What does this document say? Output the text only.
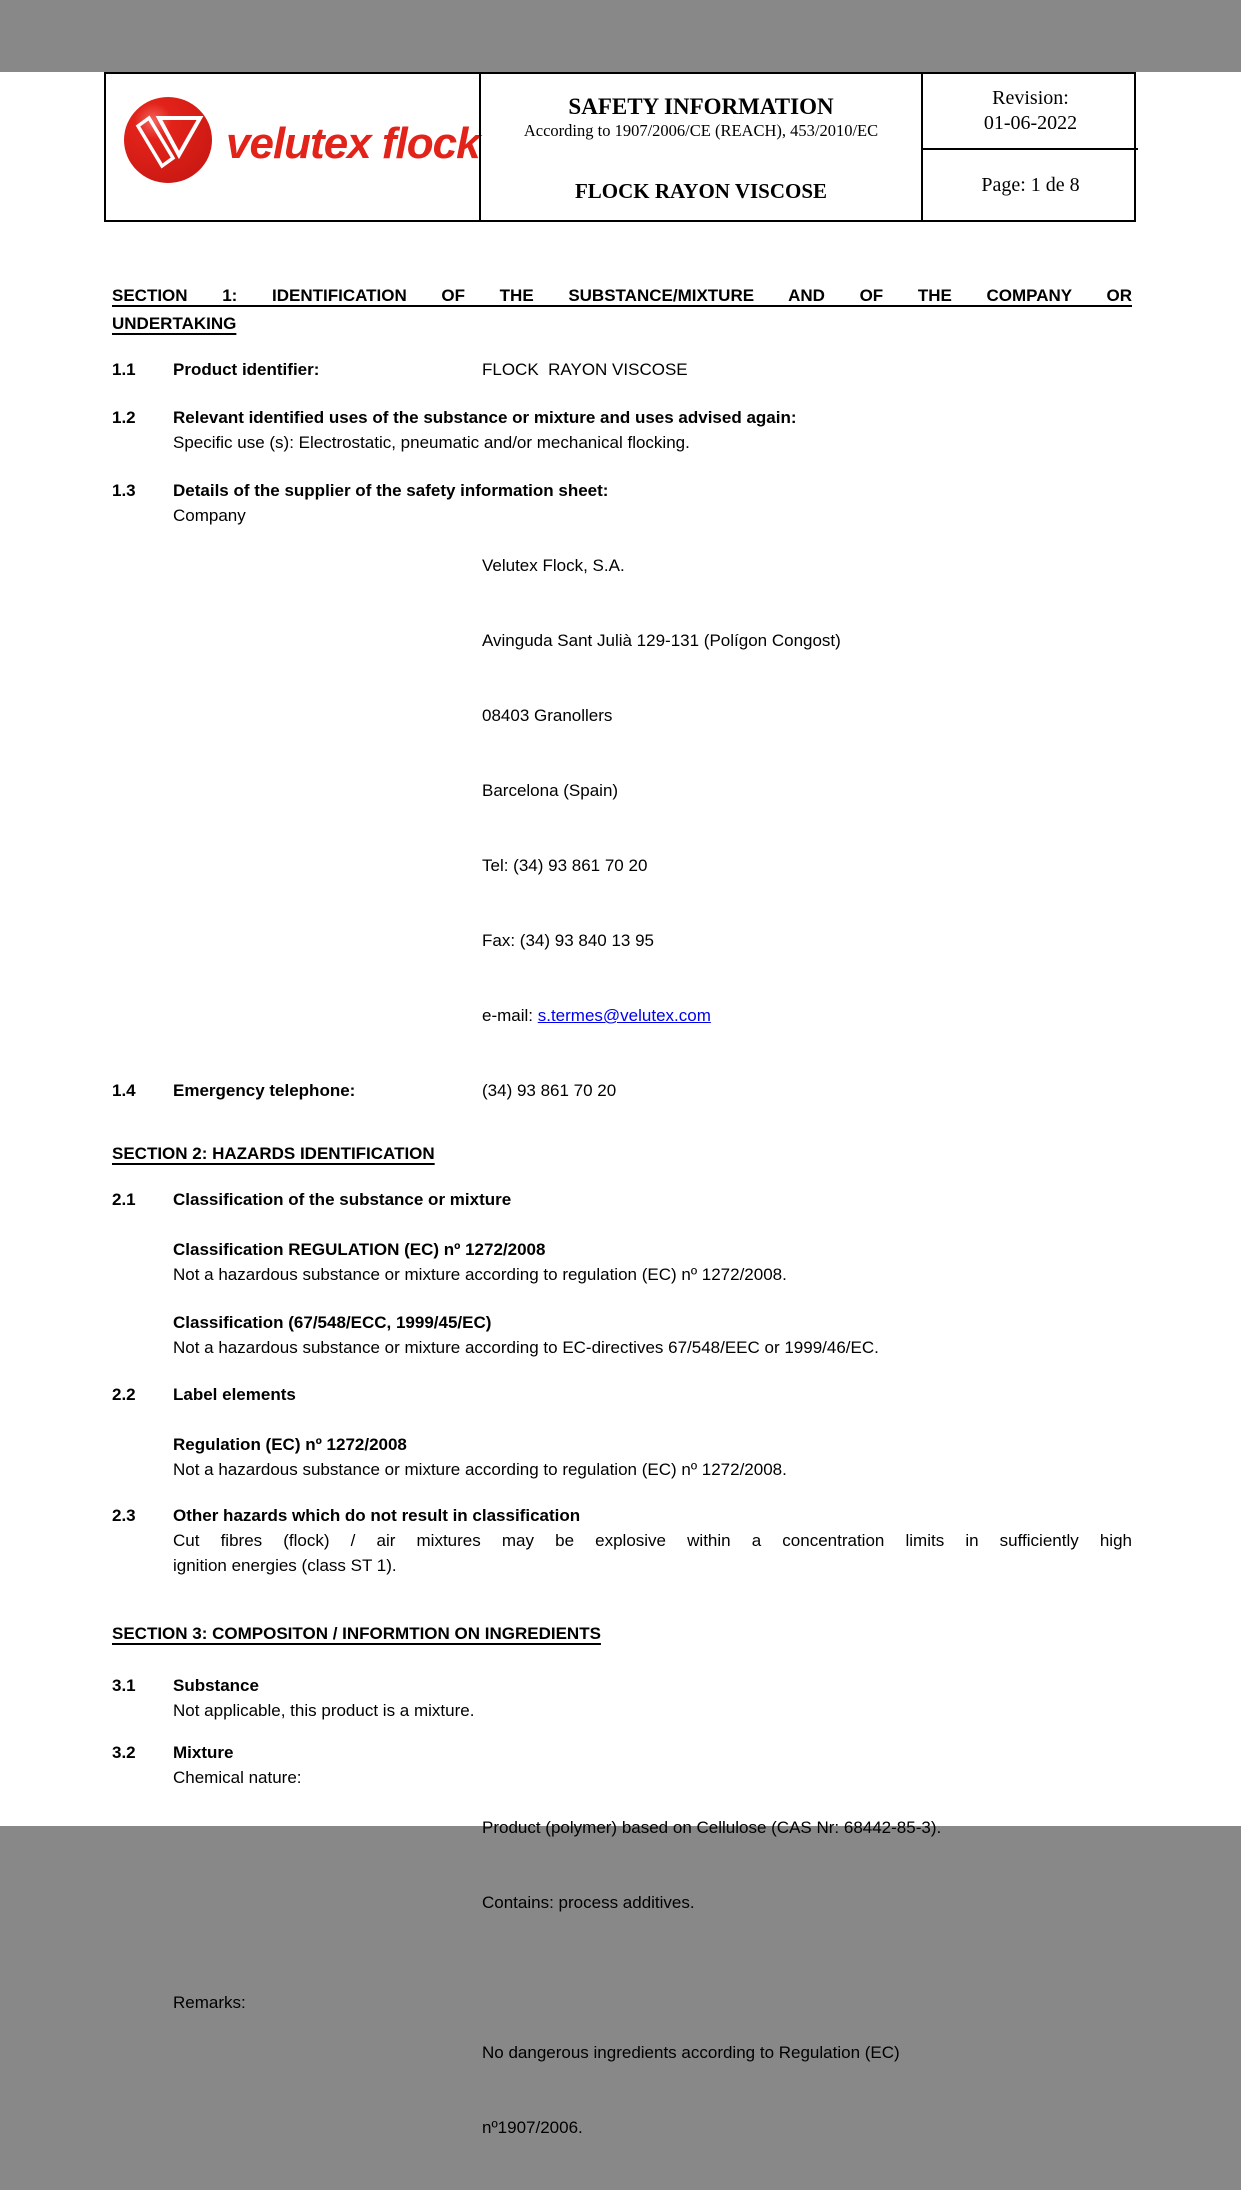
velutex flock
SAFETY INFORMATION
According to 1907/2006/CE (REACH), 453/2010/EC
FLOCK RAYON VISCOSE
Revision:
01-06-2022
Page: 1 de 8
SECTION 1: IDENTIFICATION OF THE SUBSTANCE/MIXTURE AND OF THE COMPANY OR
UNDERTAKING
1.1	Product identifier:	FLOCK  RAYON VISCOSE
1.2	Relevant identified uses of the substance or mixture and uses advised again:
Specific use (s): Electrostatic, pneumatic and/or mechanical flocking.
1.3	Details of the supplier of the safety information sheet:
Company

Velutex Flock, S.A.

Avinguda Sant Julià 129-131 (Polígon Congost)

08403 Granollers

Barcelona (Spain)

Tel: (34) 93 861 70 20

Fax: (34) 93 840 13 95

e-mail: s.termes@velutex.com

1.4	Emergency telephone:	(34) 93 861 70 20
SECTION 2: HAZARDS IDENTIFICATION
2.1	Classification of the substance or mixture
Classification REGULATION (EC) nº 1272/2008
Not a hazardous substance or mixture according to regulation (EC) nº 1272/2008.
Classification (67/548/ECC, 1999/45/EC)
Not a hazardous substance or mixture according to EC-directives 67/548/EEC or 1999/46/EC.
2.2	Label elements
Regulation (EC) nº 1272/2008
Not a hazardous substance or mixture according to regulation (EC) nº 1272/2008.
2.3	Other hazards which do not result in classification
Cut fibres (flock) / air mixtures may be explosive within a concentration limits in sufficiently high
ignition energies (class ST 1).
SECTION 3: COMPOSITON / INFORMTION ON INGREDIENTS
3.1	Substance
Not applicable, this product is a mixture.
3.2	Mixture
Chemical nature:

Product (polymer) based on Cellulose (CAS Nr: 68442-85-3).

Contains: process additives.

Remarks:

No dangerous ingredients according to Regulation (EC)

nº1907/2006.
